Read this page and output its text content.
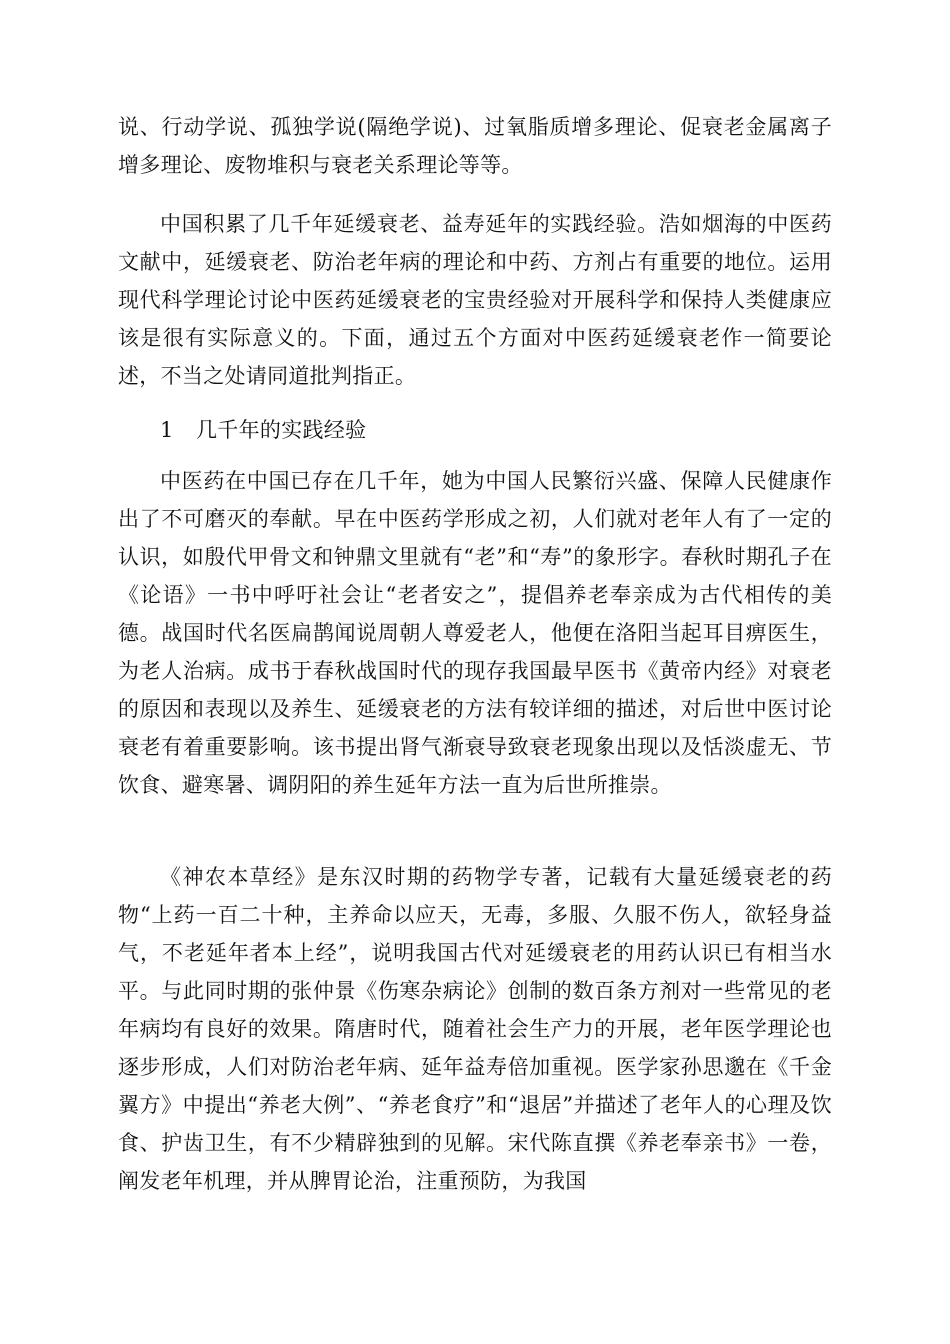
说、行动学说、孤独学说(隔绝学说)、过氧脂质增多理论、促衰老金属离子增多理论、废物堆积与衰老关系理论等等。
中国积累了几千年延缓衰老、益寿延年的实践经验。浩如烟海的中医药文献中，延缓衰老、防治老年病的理论和中药、方剂占有重要的地位。运用现代科学理论讨论中医药延缓衰老的宝贵经验对开展科学和保持人类健康应该是很有实际意义的。下面，通过五个方面对中医药延缓衰老作一简要论述，不当之处请同道批判指正。
1 几千年的实践经验
中医药在中国已存在几千年，她为中国人民繁衍兴盛、保障人民健康作出了不可磨灭的奉献。早在中医药学形成之初，人们就对老年人有了一定的认识，如殷代甲骨文和钟鼎文里就有“老”和“寿”的象形字。春秋时期孔子在《论语》一书中呼吁社会让“老者安之”，提倡养老奉亲成为古代相传的美德。战国时代名医扁鹊闻说周朝人尊爱老人，他便在洛阳当起耳目痹医生，为老人治病。成书于春秋战国时代的现存我国最早医书《黄帝内经》对衰老的原因和表现以及养生、延缓衰老的方法有较详细的描述，对后世中医讨论衰老有着重要影响。该书提出肾气渐衰导致衰老现象出现以及恬淡虚无、节饮食、避寒暑、调阴阳的养生延年方法一直为后世所推崇。
《神农本草经》是东汉时期的药物学专著，记载有大量延缓衰老的药物“上药一百二十种，主养命以应天，无毒，多服、久服不伤人，欲轻身益气，不老延年者本上经”，说明我国古代对延缓衰老的用药认识已有相当水平。与此同时期的张仲景《伤寒杂病论》创制的数百条方剂对一些常见的老年病均有良好的效果。隋唐时代，随着社会生产力的开展，老年医学理论也逐步形成，人们对防治老年病、延年益寿倍加重视。医学家孙思邈在《千金翼方》中提出“养老大例”、“养老食疗”和“退居”并描述了老年人的心理及饮食、护齿卫生，有不少精辟独到的见解。宋代陈直撰《养老奉亲书》一卷，阐发老年机理，并从脾胃论治，注重预防，为我国
